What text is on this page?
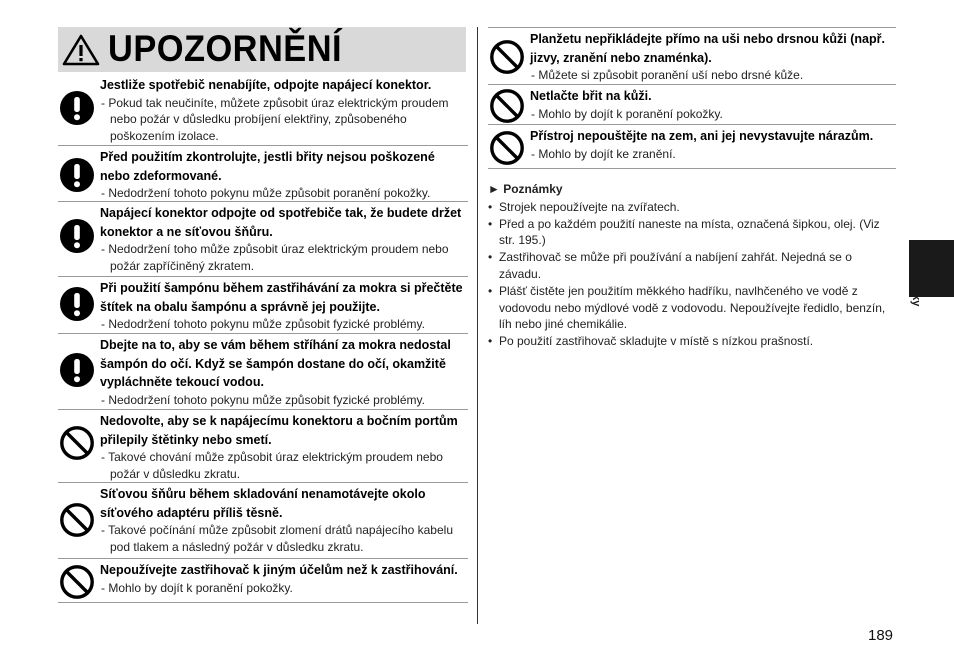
UPOZORNĚNÍ
Jestliže spotřebič nenabíjíte, odpojte napájecí konektor.
- Pokud tak neučiníte, můžete způsobit úraz elektrickým proudem nebo požár v důsledku probíjení elektřiny, způsobeného poškozením izolace.
Před použitím zkontrolujte, jestli břity nejsou poškozené nebo zdeformované.
- Nedodržení tohoto pokynu může způsobit poranění pokožky.
Napájecí konektor odpojte od spotřebiče tak, že budete držet konektor a ne síťovou šňůru.
- Nedodržení toho může způsobit úraz elektrickým proudem nebo požár zapříčiněný zkratem.
Při použití šampónu během zastřihávání za mokra si přečtěte štítek na obalu šampónu a správně jej použijte.
- Nedodržení tohoto pokynu může způsobit fyzické problémy.
Dbejte na to, aby se vám během stříhání za mokra nedostal šampón do očí. Když se šampón dostane do očí, okamžitě vypláchněte tekoucí vodou.
- Nedodržení tohoto pokynu může způsobit fyzické problémy.
Nedovolte, aby se k napájecímu konektoru a bočním portům přilepily štětinky nebo smetí.
- Takové chování může způsobit úraz elektrickým proudem nebo požár v důsledku zkratu.
Síťovou šňůru během skladování nenamotávejte okolo síťového adaptéru příliš těsně.
- Takové počínání může způsobit zlomení drátů napájecího kabelu pod tlakem a následný požár v důsledku zkratu.
Nepoužívejte zastřihovač k jiným účelům než k zastřihování.
- Mohlo by dojít k poranění pokožky.
Planžetu nepřikládejte přímo na uši nebo drsnou kůži (např. jizvy, zranění nebo znaménka).
- Můžete si způsobit poranění uší nebo drsné kůže.
Netlačte břit na kůži.
- Mohlo by dojít k poranění pokožky.
Přístroj nepouštějte na zem, ani jej nevystavujte nárazům.
- Mohlo by dojít ke zranění.
► Poznámky
• Strojek nepoužívejte na zvířatech.
• Před a po každém použití naneste na místa, označená šipkou, olej. (Viz str. 195.)
• Zastřihovač se může při používání a nabíjení zahřát. Nejedná se o závadu.
• Plášť čistěte jen použitím měkkého hadříku, navlhčeného ve vodě z vodovodu nebo mýdlové vodě z vodovodu. Nepoužívejte ředidlo, benzín, líh nebo jiné chemikálie.
• Po použití zastřihovač skladujte v místě s nízkou prašností.
Česky
189
